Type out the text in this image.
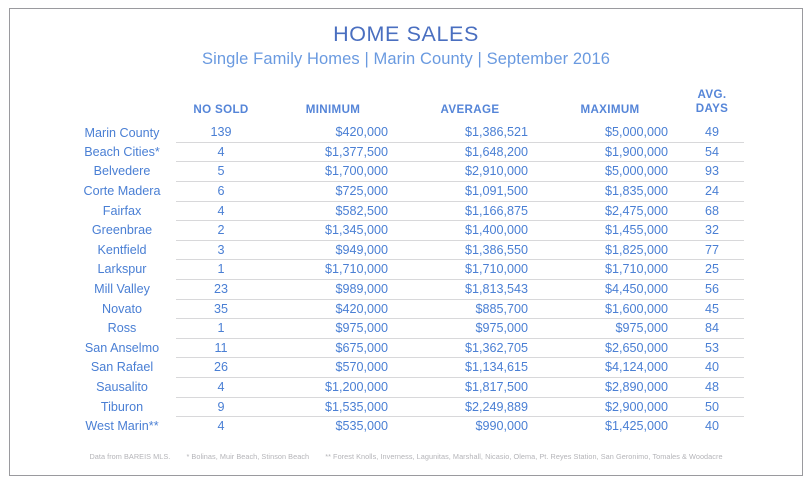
HOME SALES
Single Family Homes | Marin County | September 2016
	NO SOLD	MINIMUM	AVERAGE	MAXIMUM	AVG.
DAYS
Marin County	139	$420,000	$1,386,521	$5,000,000	49
Beach Cities*	4	$1,377,500	$1,648,200	$1,900,000	54
Belvedere	5	$1,700,000	$2,910,000	$5,000,000	93
Corte Madera	6	$725,000	$1,091,500	$1,835,000	24
Fairfax	4	$582,500	$1,166,875	$2,475,000	68
Greenbrae	2	$1,345,000	$1,400,000	$1,455,000	32
Kentfield	3	$949,000	$1,386,550	$1,825,000	77
Larkspur	1	$1,710,000	$1,710,000	$1,710,000	25
Mill Valley	23	$989,000	$1,813,543	$4,450,000	56
Novato	35	$420,000	$885,700	$1,600,000	45
Ross	1	$975,000	$975,000	$975,000	84
San Anselmo	11	$675,000	$1,362,705	$2,650,000	53
San Rafael	26	$570,000	$1,134,615	$4,124,000	40
Sausalito	4	$1,200,000	$1,817,500	$2,890,000	48
Tiburon	9	$1,535,000	$2,249,889	$2,900,000	50
West Marin**	4	$535,000	$990,000	$1,425,000	40
Data from BAREIS MLS. * Bolinas, Muir Beach, Stinson Beach ** Forest Knolls, Inverness, Lagunitas, Marshall, Nicasio, Olema, Pt. Reyes Station, San Geronimo, Tomales & Woodacre
